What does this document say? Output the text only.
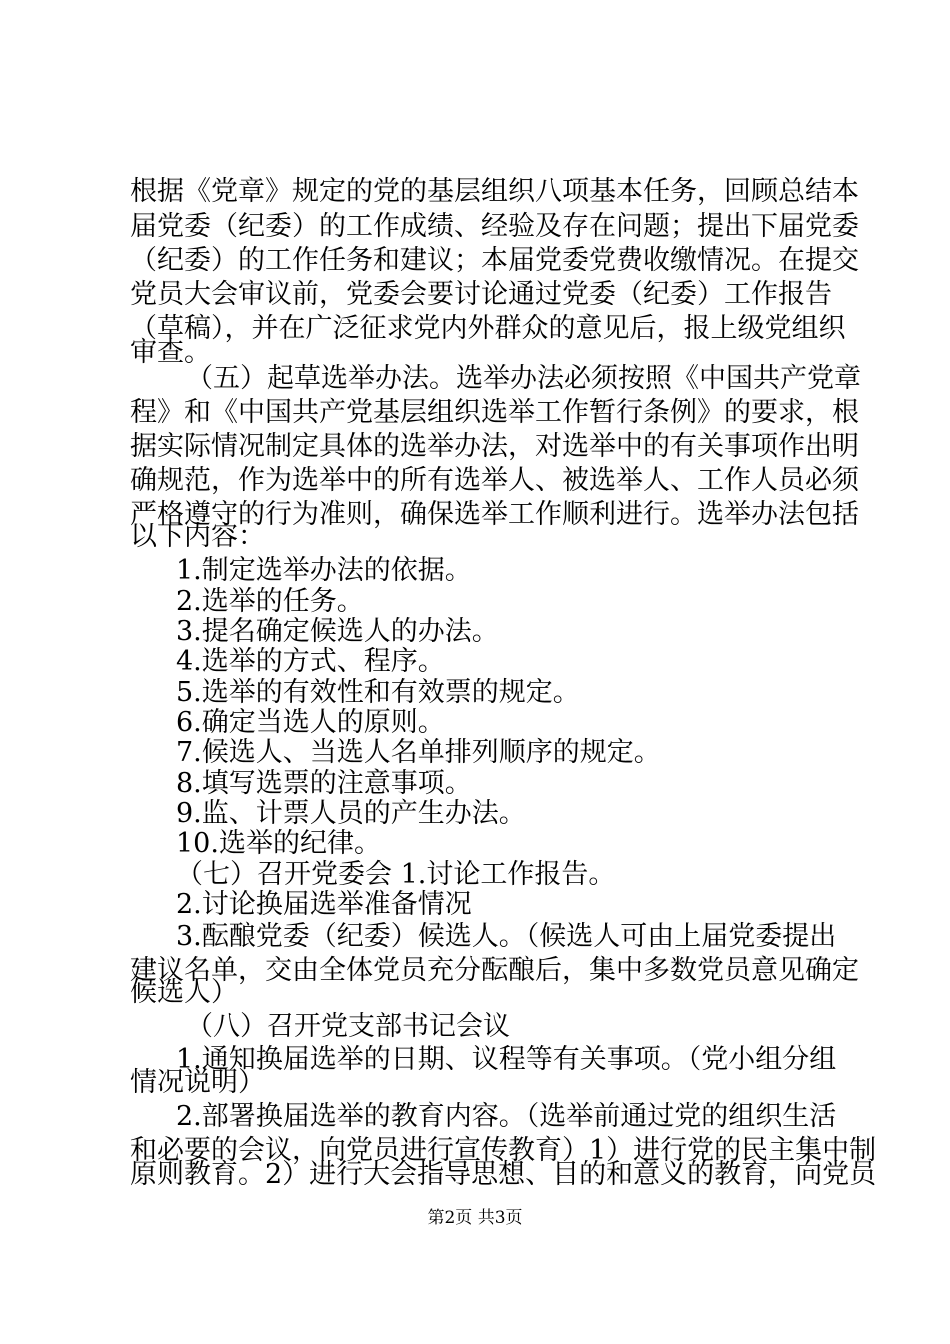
根据《党章》规定的党的基层组织八项基本任务，回顾总结本
届党委（纪委）的工作成绩、经验及存在问题；提出下届党委
（纪委）的工作任务和建议；本届党委党费收缴情况。在提交
党员大会审议前，党委会要讨论通过党委（纪委）工作报告
（草稿），并在广泛征求党内外群众的意见后，报上级党组织
审查。
（五）起草选举办法。选举办法必须按照《中国共产党章
程》和《中国共产党基层组织选举工作暂行条例》的要求，根
据实际情况制定具体的选举办法，对选举中的有关事项作出明
确规范，作为选举中的所有选举人、被选举人、工作人员必须
严格遵守的行为准则，确保选举工作顺利进行。选举办法包括
以下内容：
1.制定选举办法的依据。
2.选举的任务。
3.提名确定候选人的办法。
4.选举的方式、程序。
5.选举的有效性和有效票的规定。
6.确定当选人的原则。
7.候选人、当选人名单排列顺序的规定。
8.填写选票的注意事项。
9.监、计票人员的产生办法。
10.选举的纪律。
（七）召开党委会 1.讨论工作报告。
2.讨论换届选举准备情况
3.酝酿党委（纪委）候选人。（候选人可由上届党委提出
建议名单，交由全体党员充分酝酿后，集中多数党员意见确定
候选人）
（八）召开党支部书记会议
1.通知换届选举的日期、议程等有关事项。（党小组分组
情况说明）
2.部署换届选举的教育内容。（选举前通过党的组织生活
和必要的会议，向党员进行宣传教育）1）进行党的民主集中制
原则教育。2）进行大会指导思想、目的和意义的教育，向党员
第2页 共3页
